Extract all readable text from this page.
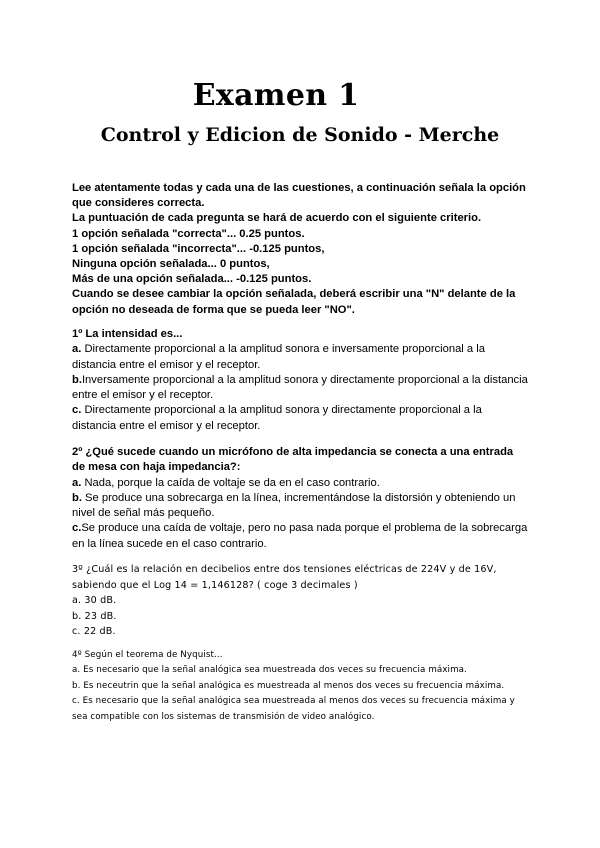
Examen 1
Control y Edicion de Sonido - Merche
Lee atentamente todas y cada una de las cuestiones, a continuación señala la opción que consideres correcta.
La puntuación de cada pregunta se hará de acuerdo con el siguiente criterio.
1 opción señalada "correcta"... 0.25 puntos.
1 opción señalada "incorrecta"... -0.125 puntos,
Ninguna opción señalada... 0 puntos,
Más de una opción señalada... -0.125 puntos.
Cuando se desee cambiar la opción señalada, deberá escribir una "N" delante de la opción no deseada de forma que se pueda leer "NO".
1º La intensidad es...
a. Directamente proporcional a la amplitud sonora e inversamente proporcional a la distancia entre el emisor y el receptor.
b.Inversamente proporcional a la amplitud sonora y directamente proporcional a la distancia entre el emisor y el receptor.
c. Directamente proporcional a la amplitud sonora y directamente proporcional a la distancia entre el emisor y el receptor.
2º ¿Qué sucede cuando un micrófono de alta impedancia se conecta a una entrada de mesa con haja impedancia?:
a. Nada, porque la caída de voltaje se da en el caso contrario.
b. Se produce una sobrecarga en la línea, incrementándose la distorsión y obteniendo un nivel de señal más pequeño.
c.Se produce una caída de voltaje, pero no pasa nada porque el problema de la sobrecarga en la línea sucede en el caso contrario.
3º ¿Cuál es la relación en decibelios entre dos tensiones eléctricas de 224V y de 16V, sabiendo que el Log 14 = 1,146128? ( coge 3 decimales )
a. 30 dB.
b. 23 dB.
c. 22 dB.
4º Según el teorema de Nyquist...
a. Es necesario que la señal analógica sea muestreada dos veces su frecuencia máxima.
b. Es neceutrin que la señal analógica es muestreada al menos dos veces su frecuencia máxima.
c. Es necesario que la señal analógica sea muestreada al menos dos veces su frecuencia máxima y sea compatible con los sistemas de transmisión de video analógico.
